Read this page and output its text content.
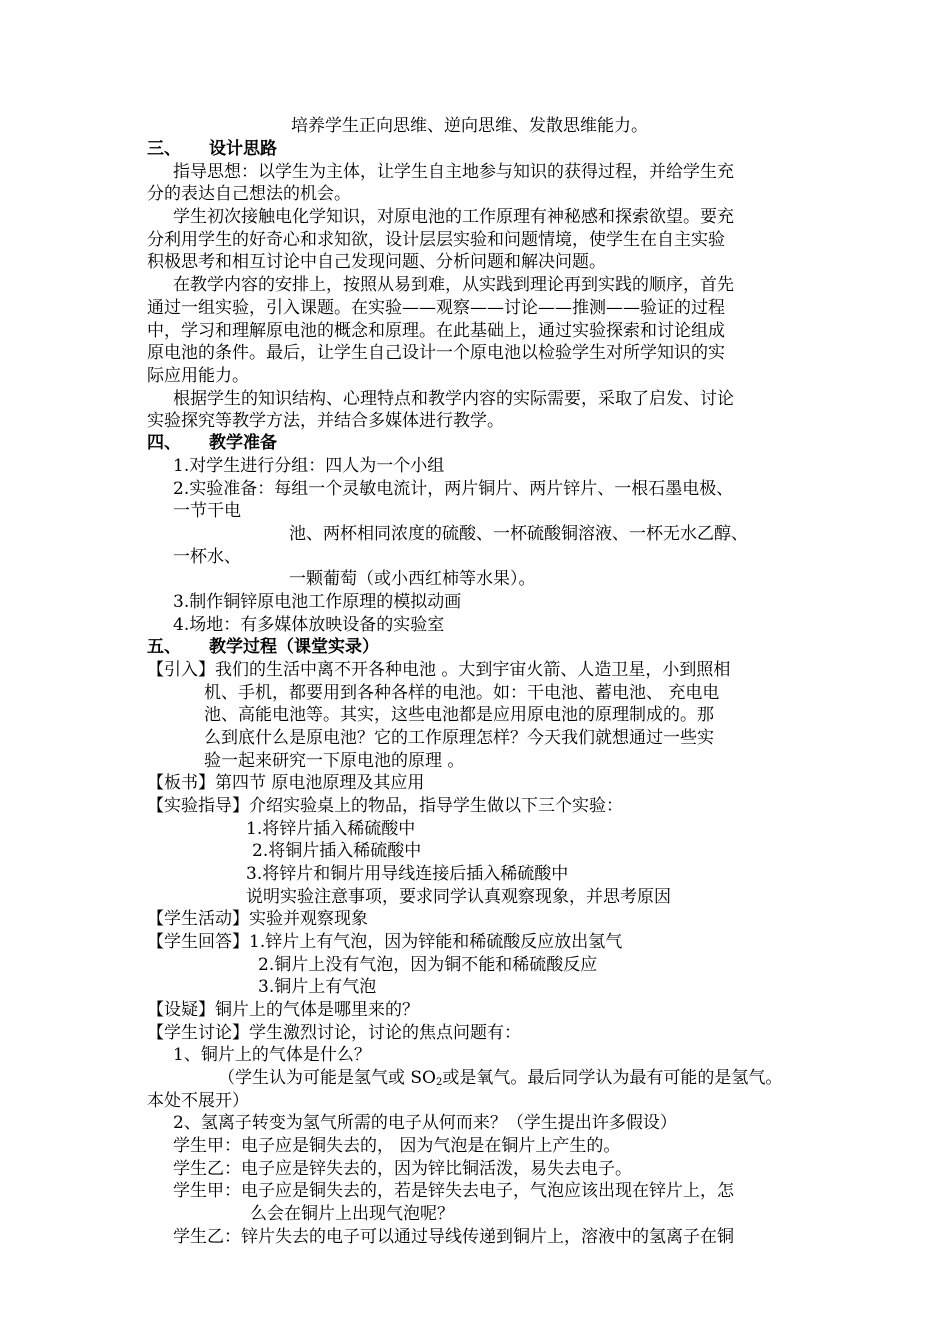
培养学生正向思维、逆向思维、发散思维能力。
三、 设计思路
指导思想：以学生为主体，让学生自主地参与知识的获得过程，并给学生充
分的表达自己想法的机会。
学生初次接触电化学知识，对原电池的工作原理有神秘感和探索欲望。要充
分利用学生的好奇心和求知欲，设计层层实验和问题情境，使学生在自主实验
积极思考和相互讨论中自己发现问题、分析问题和解决问题。
在教学内容的安排上，按照从易到难，从实践到理论再到实践的顺序，首先
通过一组实验，引入课题。在实验——观察——讨论——推测——验证的过程
中，学习和理解原电池的概念和原理。在此基础上，通过实验探索和讨论组成
原电池的条件。最后，让学生自己设计一个原电池以检验学生对所学知识的实
际应用能力。
根据学生的知识结构、心理特点和教学内容的实际需要，采取了启发、讨论
实验探究等教学方法，并结合多媒体进行教学。
四、 教学准备
1.对学生进行分组：四人为一个小组
2.实验准备：每组一个灵敏电流计，两片铜片、两片锌片、一根石墨电极、
一节干电
池、两杯相同浓度的硫酸、一杯硫酸铜溶液、一杯无水乙醇、
一杯水、
一颗葡萄（或小西红柿等水果）。
3.制作铜锌原电池工作原理的模拟动画
4.场地：有多媒体放映设备的实验室
五、 教学过程（课堂实录）
【引入】我们的生活中离不开各种电池 。大到宇宙火箭、人造卫星，小到照相
机、手机，都要用到各种各样的电池。如：干电池、蓄电池、 充电电
池、高能电池等。其实，这些电池都是应用原电池的原理制成的。那
么到底什么是原电池？它的工作原理怎样？今天我们就想通过一些实
验一起来研究一下原电池的原理 。
【板书】第四节 原电池原理及其应用
【实验指导】介绍实验桌上的物品，指导学生做以下三个实验：
1.将锌片插入稀硫酸中
2.将铜片插入稀硫酸中
3.将锌片和铜片用导线连接后插入稀硫酸中
说明实验注意事项，要求同学认真观察现象，并思考原因
【学生活动】实验并观察现象
【学生回答】1.锌片上有气泡，因为锌能和稀硫酸反应放出氢气
2.铜片上没有气泡，因为铜不能和稀硫酸反应
3.铜片上有气泡
【设疑】铜片上的气体是哪里来的？
【学生讨论】学生激烈讨论，讨论的焦点问题有：
1、铜片上的气体是什么？
（学生认为可能是氢气或 $SO_2$或是氧气。最后同学认为最有可能的是氢气。
本处不展开）
2、氢离子转变为氢气所需的电子从何而来？（学生提出许多假设）
学生甲：电子应是铜失去的， 因为气泡是在铜片上产生的。
学生乙：电子应是锌失去的，因为锌比铜活泼，易失去电子。
学生甲：电子应是铜失去的，若是锌失去电子，气泡应该出现在锌片上，怎
么会在铜片上出现气泡呢？
学生乙：锌片失去的电子可以通过导线传递到铜片上，溶液中的氢离子在铜
